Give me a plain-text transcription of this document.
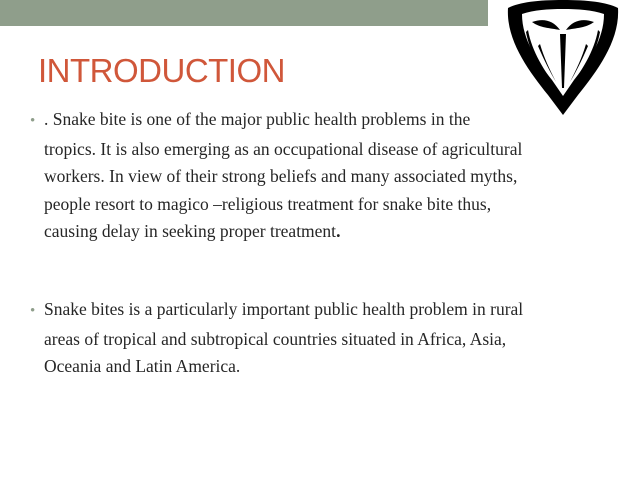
INTRODUCTION
• . Snake bite is one of the major public health problems in the
tropics. It is also emerging as an occupational disease of agricultural
workers. In view of their strong beliefs and many associated myths,
people resort to magico –religious treatment for snake bite thus,
causing delay in seeking proper treatment.
• Snake bites is a particularly important public health problem in rural
areas of tropical and subtropical countries situated in Africa, Asia,
Oceania and Latin America.
